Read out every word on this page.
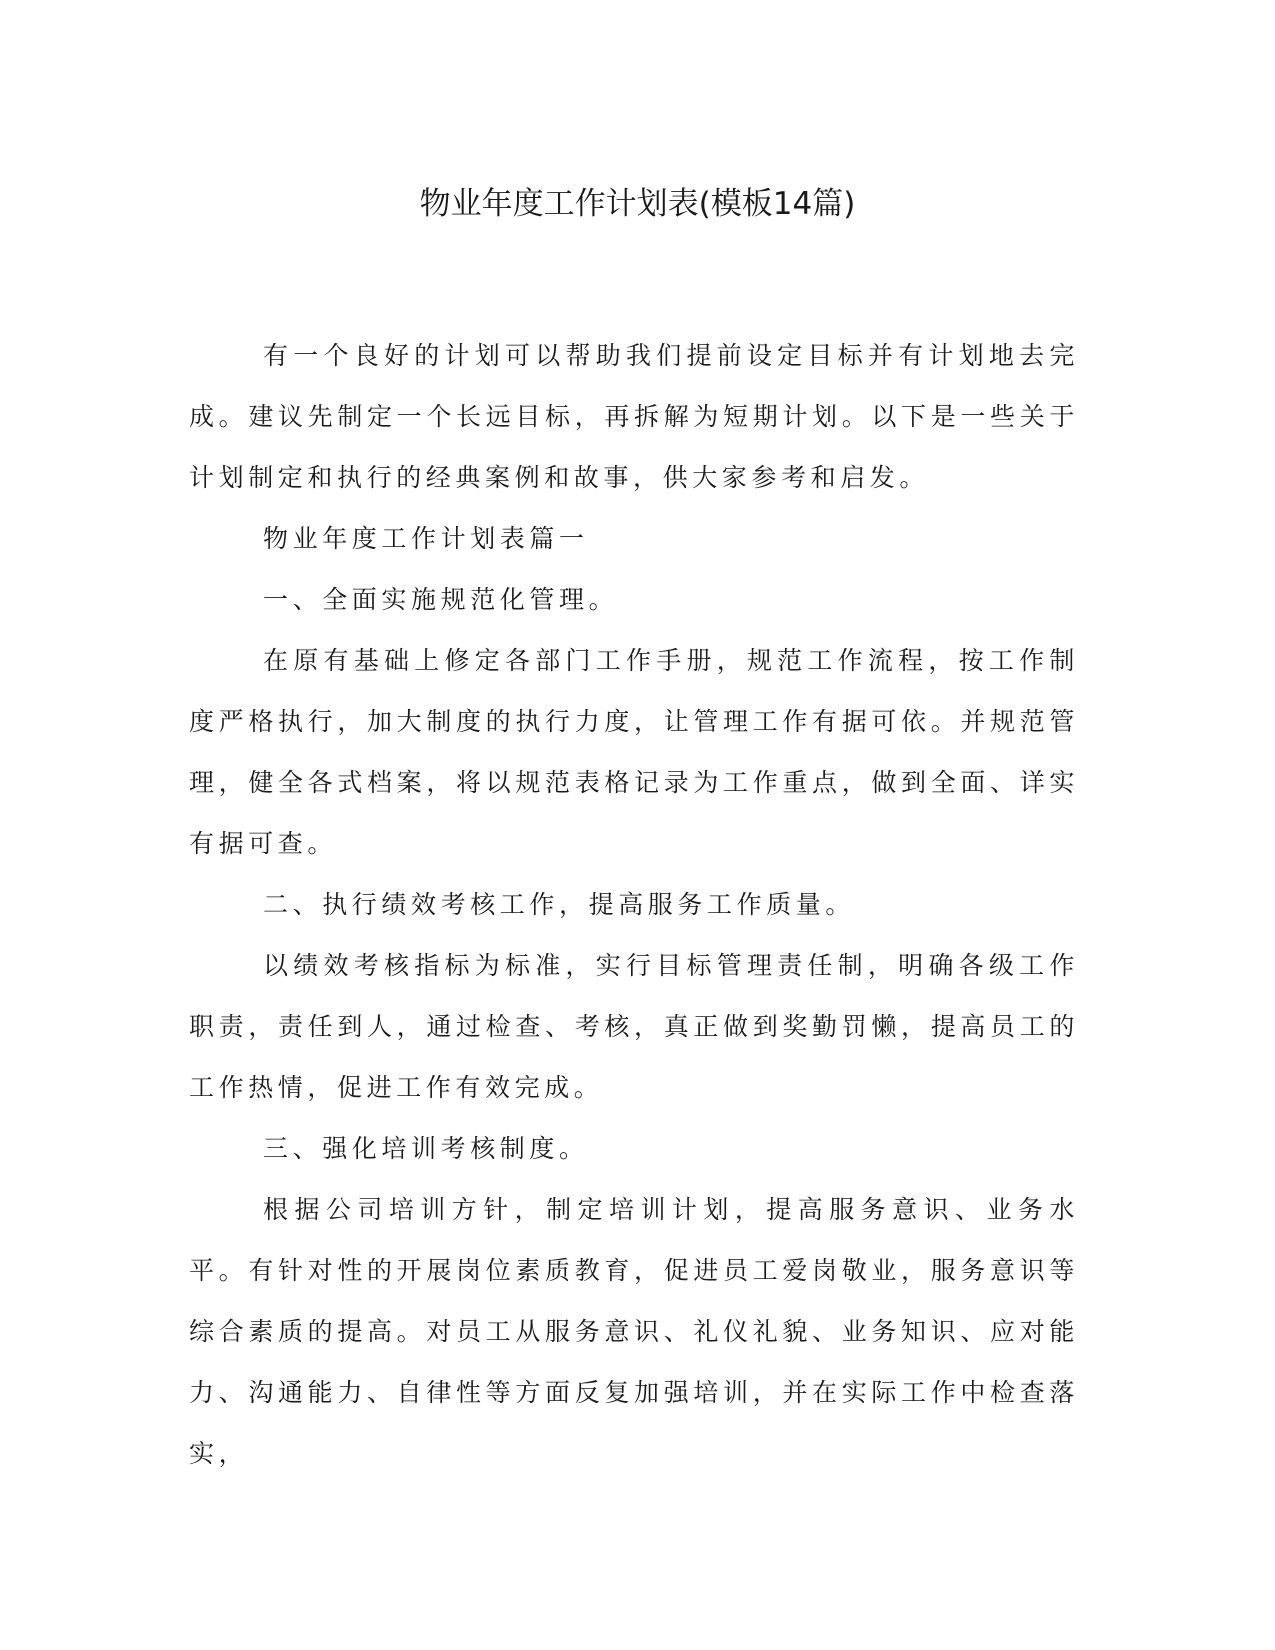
物业年度工作计划表(模板14篇)

有一个良好的计划可以帮助我们提前设定目标并有计划地去完成。建议先制定一个长远目标，再拆解为短期计划。以下是一些关于计划制定和执行的经典案例和故事，供大家参考和启发。

物业年度工作计划表篇一

一、全面实施规范化管理。

在原有基础上修定各部门工作手册，规范工作流程，按工作制度严格执行，加大制度的执行力度，让管理工作有据可依。并规范管理，健全各式档案，将以规范表格记录为工作重点，做到全面、详实有据可查。

二、执行绩效考核工作，提高服务工作质量。

以绩效考核指标为标准，实行目标管理责任制，明确各级工作职责，责任到人，通过检查、考核，真正做到奖勤罚懒，提高员工的工作热情，促进工作有效完成。

三、强化培训考核制度。

根据公司培训方针，制定培训计划，提高服务意识、业务水平。有针对性的开展岗位素质教育，促进员工爱岗敬业，服务意识等综合素质的提高。对员工从服务意识、礼仪礼貌、业务知识、应对能力、沟通能力、自律性等方面反复加强培训，并在实际工作中检查落实，
